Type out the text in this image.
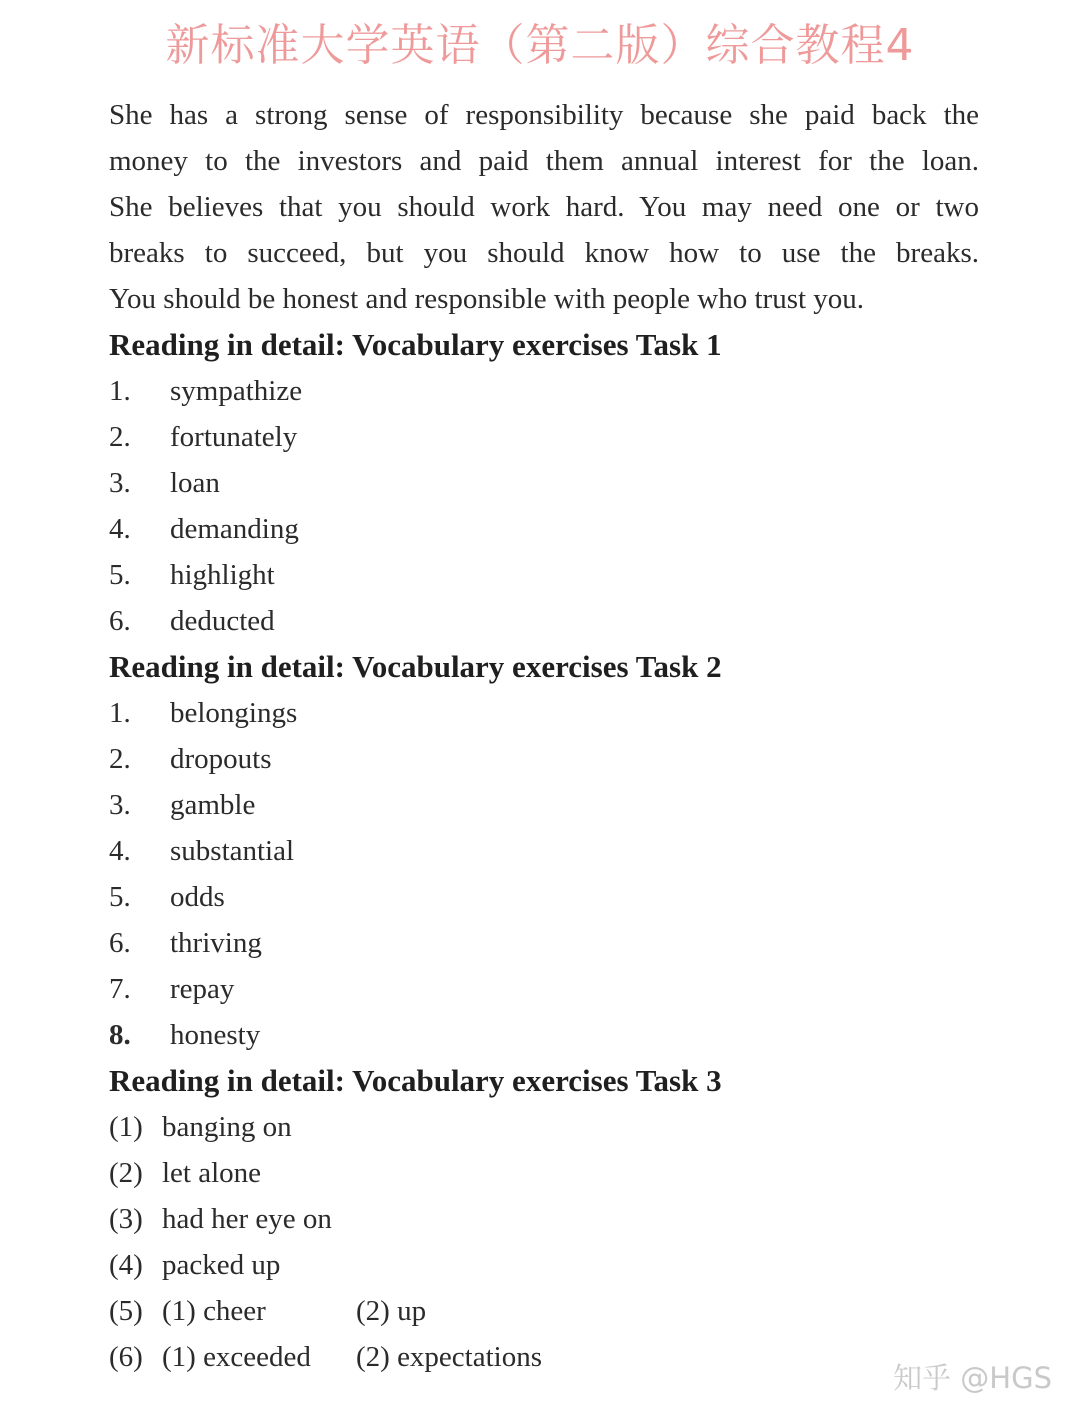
新标准大学英语（第二版）综合教程4
She has a strong sense of responsibility because she paid back the
money to the investors and paid them annual interest for the loan.
She believes that you should work hard. You may need one or two
breaks to succeed, but you should know how to use the breaks.
You should be honest and responsible with people who trust you.
Reading in detail: Vocabulary exercises Task 1
1.	sympathize
2.	fortunately
3.	loan
4.	demanding
5.	highlight
6.	deducted
Reading in detail: Vocabulary exercises Task 2
1.	belongings
2.	dropouts
3.	gamble
4.	substantial
5.	odds
6.	thriving
7.	repay
8.	honesty
Reading in detail: Vocabulary exercises Task 3
(1) banging on
(2) let alone
(3) had her eye on
(4) packed up
(5) (1) cheer	(2) up
(6) (1) exceeded	(2) expectations
知乎 @HGS
